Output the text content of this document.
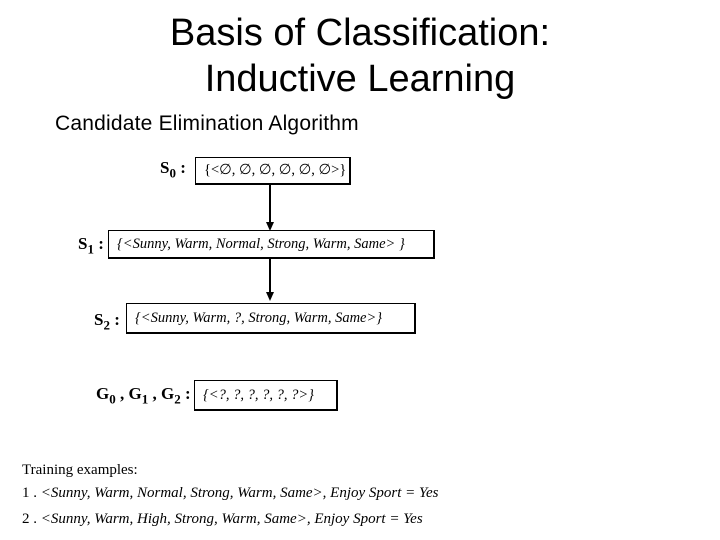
Basis of Classification:
Inductive Learning
Candidate Elimination Algorithm
$S_0$ :	{<∅, ∅, ∅, ∅, ∅, ∅>}
$S_1$ : {<Sunny, Warm, Normal, Strong, Warm, Same> }
$S_2$ :	{<Sunny, Warm, ?, Strong, Warm, Same>}
$G_0$ , $G_1$ , $G_2$ : {<?, ?, ?, ?, ?, ?>}
Training examples:
1 . <Sunny, Warm, Normal, Strong, Warm, Same>, Enjoy Sport = Yes
2 . <Sunny, Warm, High, Strong, Warm, Same>, Enjoy Sport = Yes
